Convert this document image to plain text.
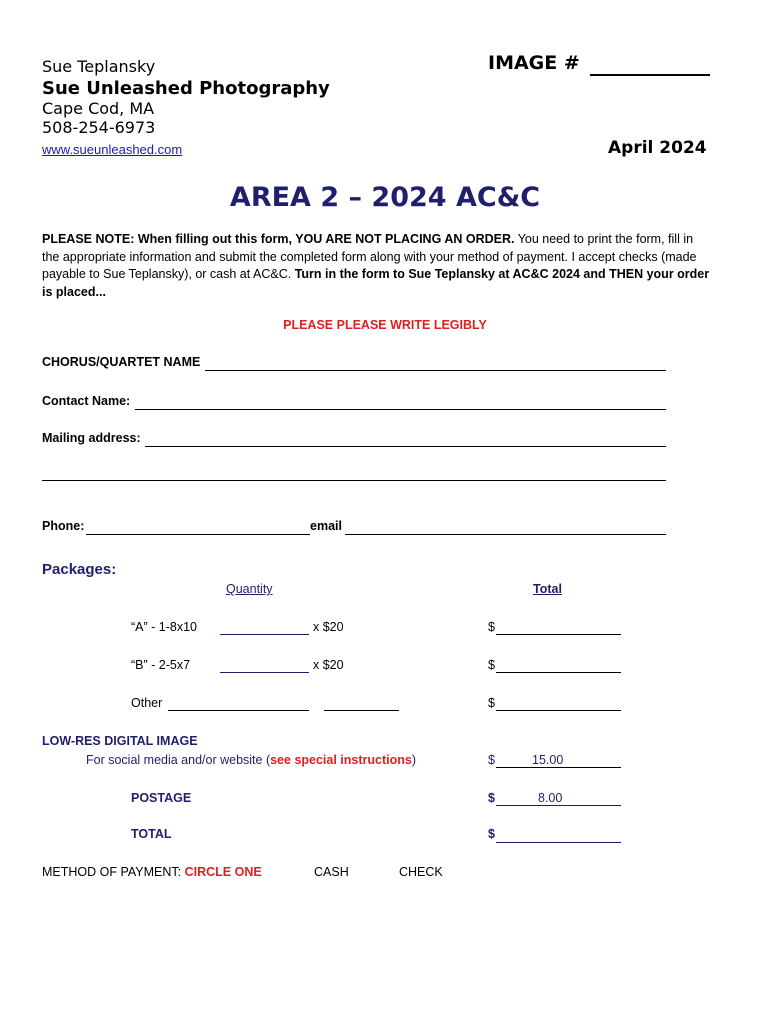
Sue Teplansky
Sue Unleashed Photography
Cape Cod, MA
508-254-6973
www.sueunleashed.com
IMAGE #
April 2024
AREA 2 – 2024 AC&C
PLEASE NOTE: When filling out this form, YOU ARE NOT PLACING AN ORDER. You need to print the form, fill in the appropriate information and submit the completed form along with your method of payment. I accept checks (made payable to Sue Teplansky), or cash at AC&C. Turn in the form to Sue Teplansky at AC&C 2024 and THEN your order is placed...
PLEASE PLEASE WRITE LEGIBLY
CHORUS/QUARTET NAME
Contact Name:
Mailing address:
Phone:	email
Packages:
Quantity	Total
“A” - 1-8x10	x $20	$
“B” - 2-5x7	x $20	$
Other	$
LOW-RES DIGITAL IMAGE
For social media and/or website (see special instructions)	$	15.00
POSTAGE	$	8.00
TOTAL	$
METHOD OF PAYMENT: CIRCLE ONE	CASH	CHECK
